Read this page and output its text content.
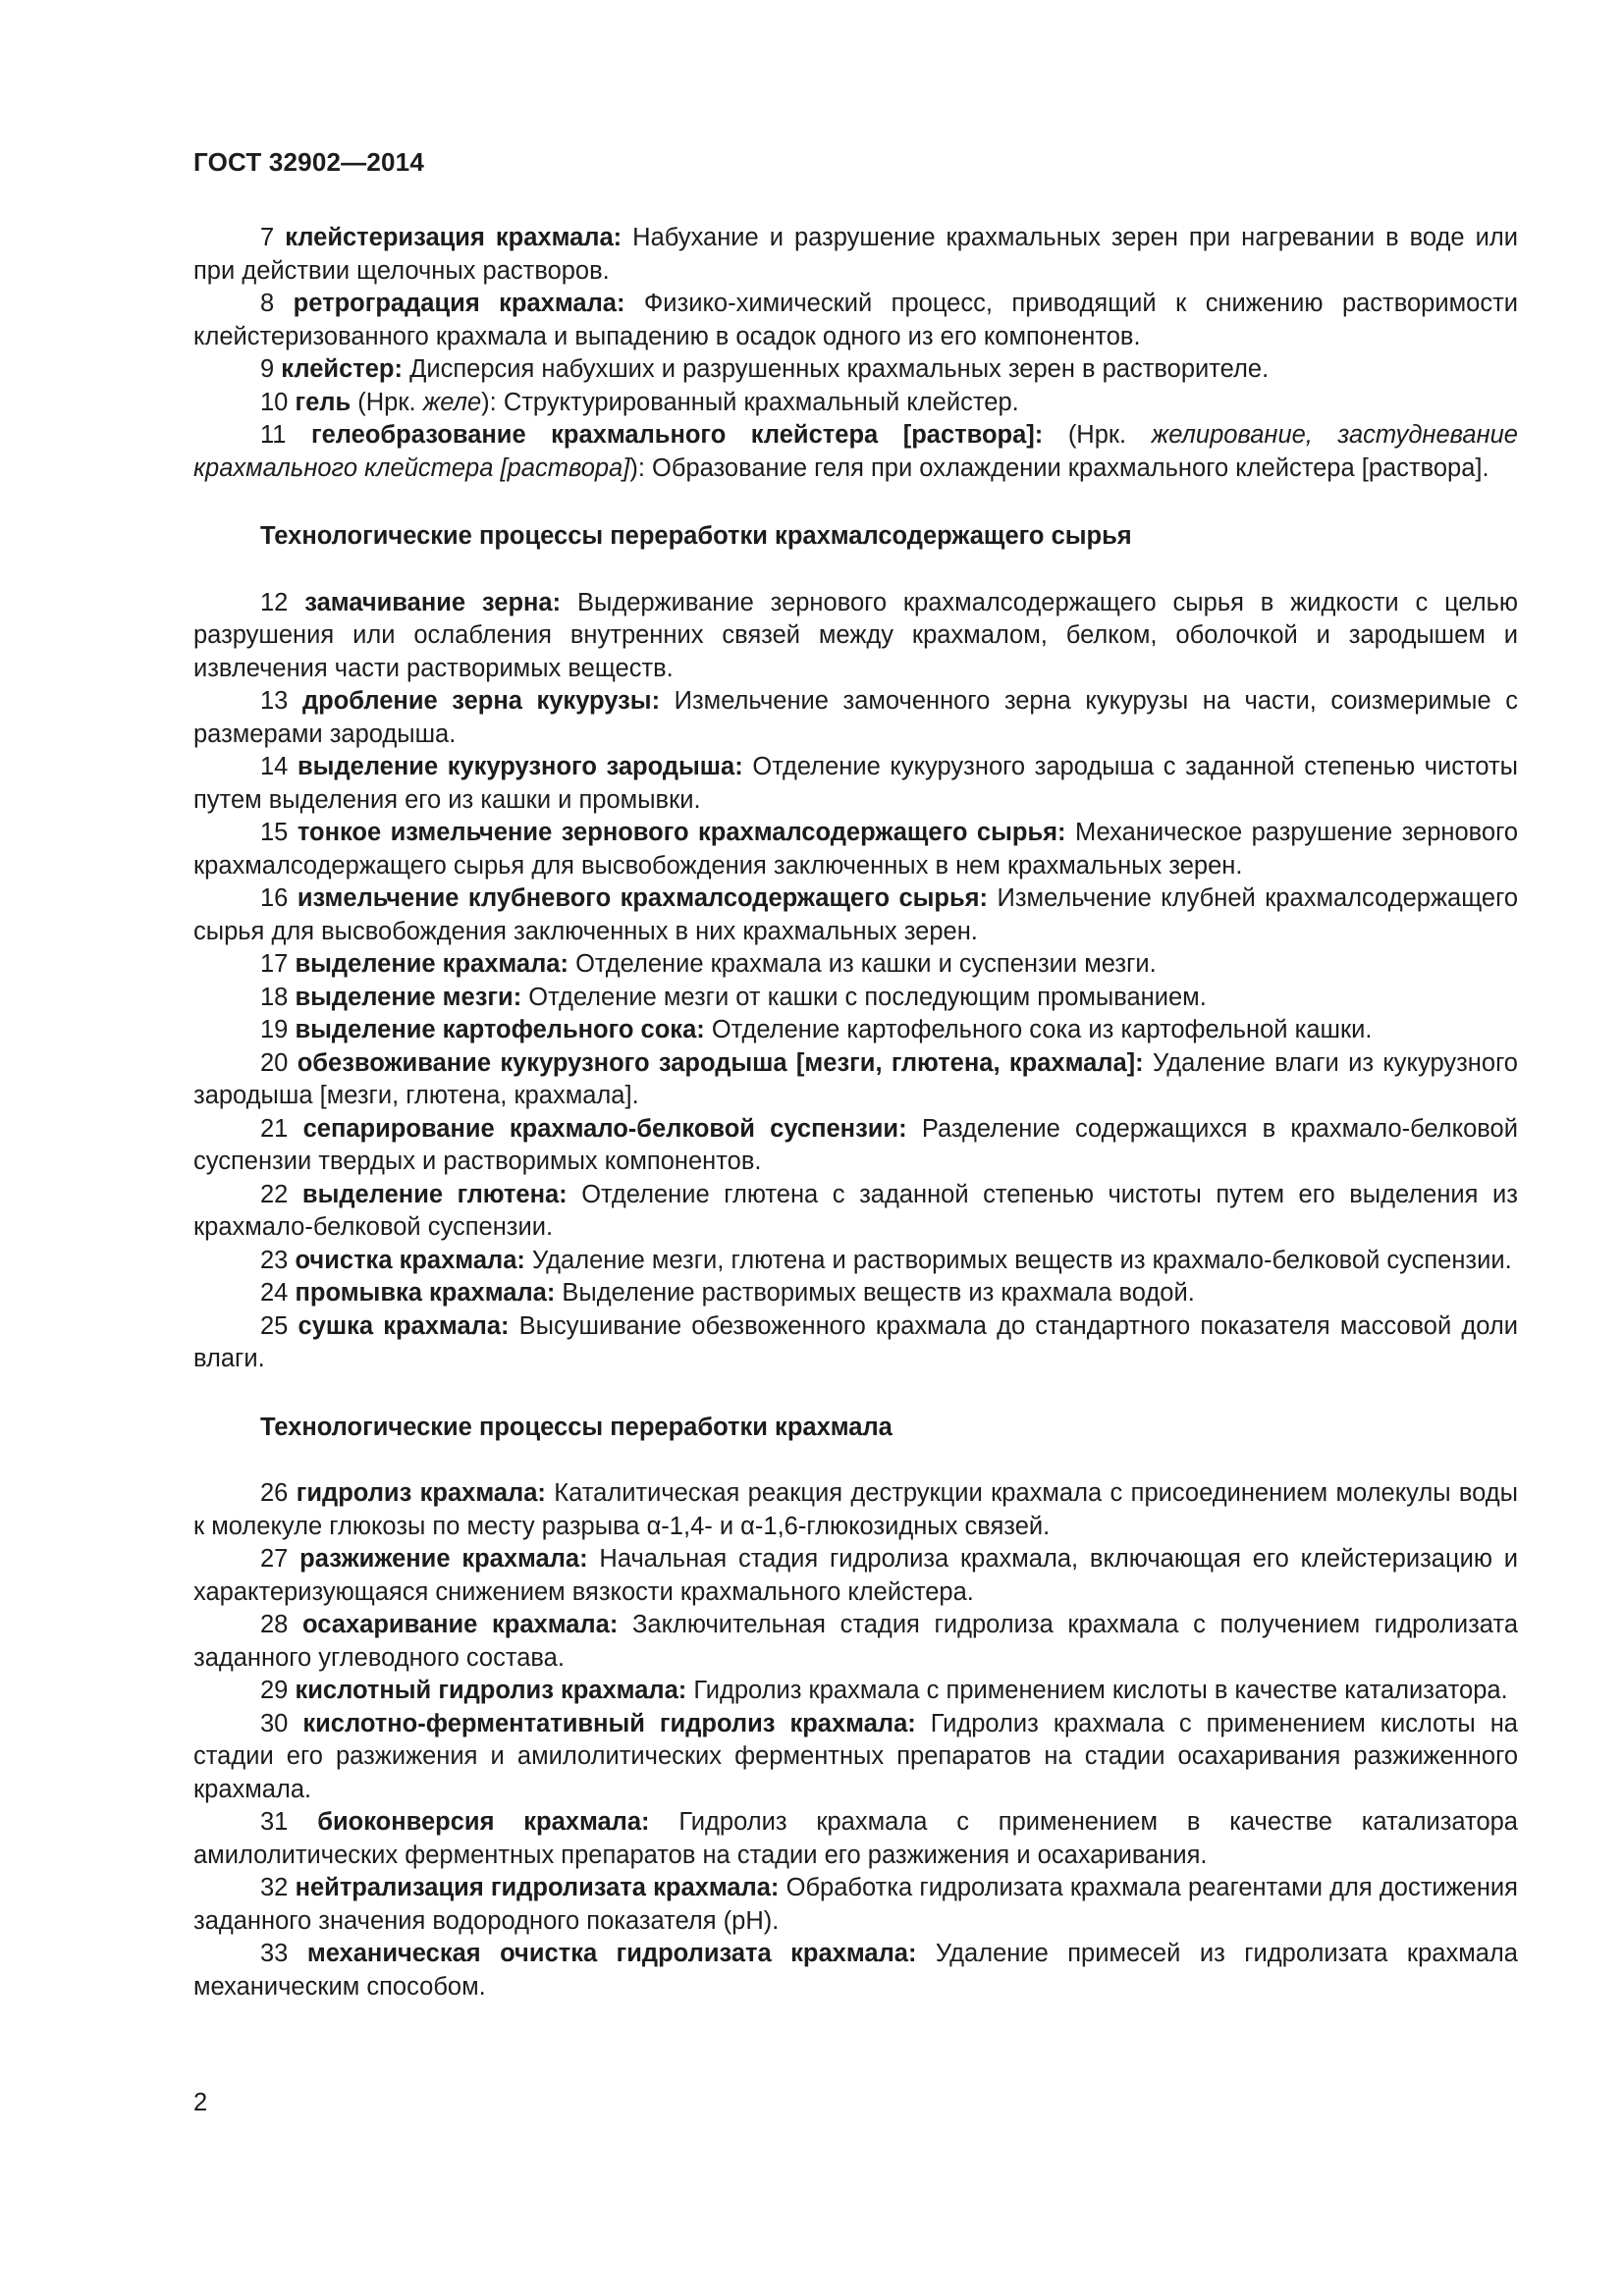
ГОСТ 32902—2014

7 клейстеризация крахмала: Набухание и разрушение крахмальных зерен при нагревании в воде или при действии щелочных растворов.

8 ретроградация крахмала: Физико-химический процесс, приводящий к снижению растворимости клейстеризованного крахмала и выпадению в осадок одного из его компонентов.

9 клейстер: Дисперсия набухших и разрушенных крахмальных зерен в растворителе.

10 гель (Нрк. желе): Структурированный крахмальный клейстер.

11 гелеобразование крахмального клейстера [раствора]: (Нрк. желирование, застудневание крахмального клейстера [раствора]): Образование геля при охлаждении крахмального клейстера [раствора].

Технологические процессы переработки крахмалсодержащего сырья

12 замачивание зерна: Выдерживание зернового крахмалсодержащего сырья в жидкости с целью разрушения или ослабления внутренних связей между крахмалом, белком, оболочкой и зародышем и извлечения части растворимых веществ.

13 дробление зерна кукурузы: Измельчение замоченного зерна кукурузы на части, соизмеримые с размерами зародыша.

14 выделение кукурузного зародыша: Отделение кукурузного зародыша с заданной степенью чистоты путем выделения его из кашки и промывки.

15 тонкое измельчение зернового крахмалсодержащего сырья: Механическое разрушение зернового крахмалсодержащего сырья для высвобождения заключенных в нем крахмальных зерен.

16 измельчение клубневого крахмалсодержащего сырья: Измельчение клубней крахмалсодержащего сырья для высвобождения заключенных в них крахмальных зерен.

17 выделение крахмала: Отделение крахмала из кашки и суспензии мезги.

18 выделение мезги: Отделение мезги от кашки с последующим промыванием.

19 выделение картофельного сока: Отделение картофельного сока из картофельной кашки.

20 обезвоживание кукурузного зародыша [мезги, глютена, крахмала]: Удаление влаги из кукурузного зародыша [мезги, глютена, крахмала].

21 сепарирование крахмало-белковой суспензии: Разделение содержащихся в крахмало-белковой суспензии твердых и растворимых компонентов.

22 выделение глютена: Отделение глютена с заданной степенью чистоты путем его выделения из крахмало-белковой суспензии.

23 очистка крахмала: Удаление мезги, глютена и растворимых веществ из крахмало-белковой суспензии.

24 промывка крахмала: Выделение растворимых веществ из крахмала водой.

25 сушка крахмала: Высушивание обезвоженного крахмала до стандартного показателя массовой доли влаги.

Технологические процессы переработки крахмала

26 гидролиз крахмала: Каталитическая реакция деструкции крахмала с присоединением молекулы воды к молекуле глюкозы по месту разрыва α-1,4- и α-1,6-глюкозидных связей.

27 разжижение крахмала: Начальная стадия гидролиза крахмала, включающая его клейстеризацию и характеризующаяся снижением вязкости крахмального клейстера.

28 осахаривание крахмала: Заключительная стадия гидролиза крахмала с получением гидролизата заданного углеводного состава.

29 кислотный гидролиз крахмала: Гидролиз крахмала с применением кислоты в качестве катализатора.

30 кислотно-ферментативный гидролиз крахмала: Гидролиз крахмала с применением кислоты на стадии его разжижения и амилолитических ферментных препаратов на стадии осахаривания разжиженного крахмала.

31 биоконверсия крахмала: Гидролиз крахмала с применением в качестве катализатора амилолитических ферментных препаратов на стадии его разжижения и осахаривания.

32 нейтрализация гидролизата крахмала: Обработка гидролизата крахмала реагентами для достижения заданного значения водородного показателя (pH).

33 механическая очистка гидролизата крахмала: Удаление примесей из гидролизата крахмала механическим способом.

2
